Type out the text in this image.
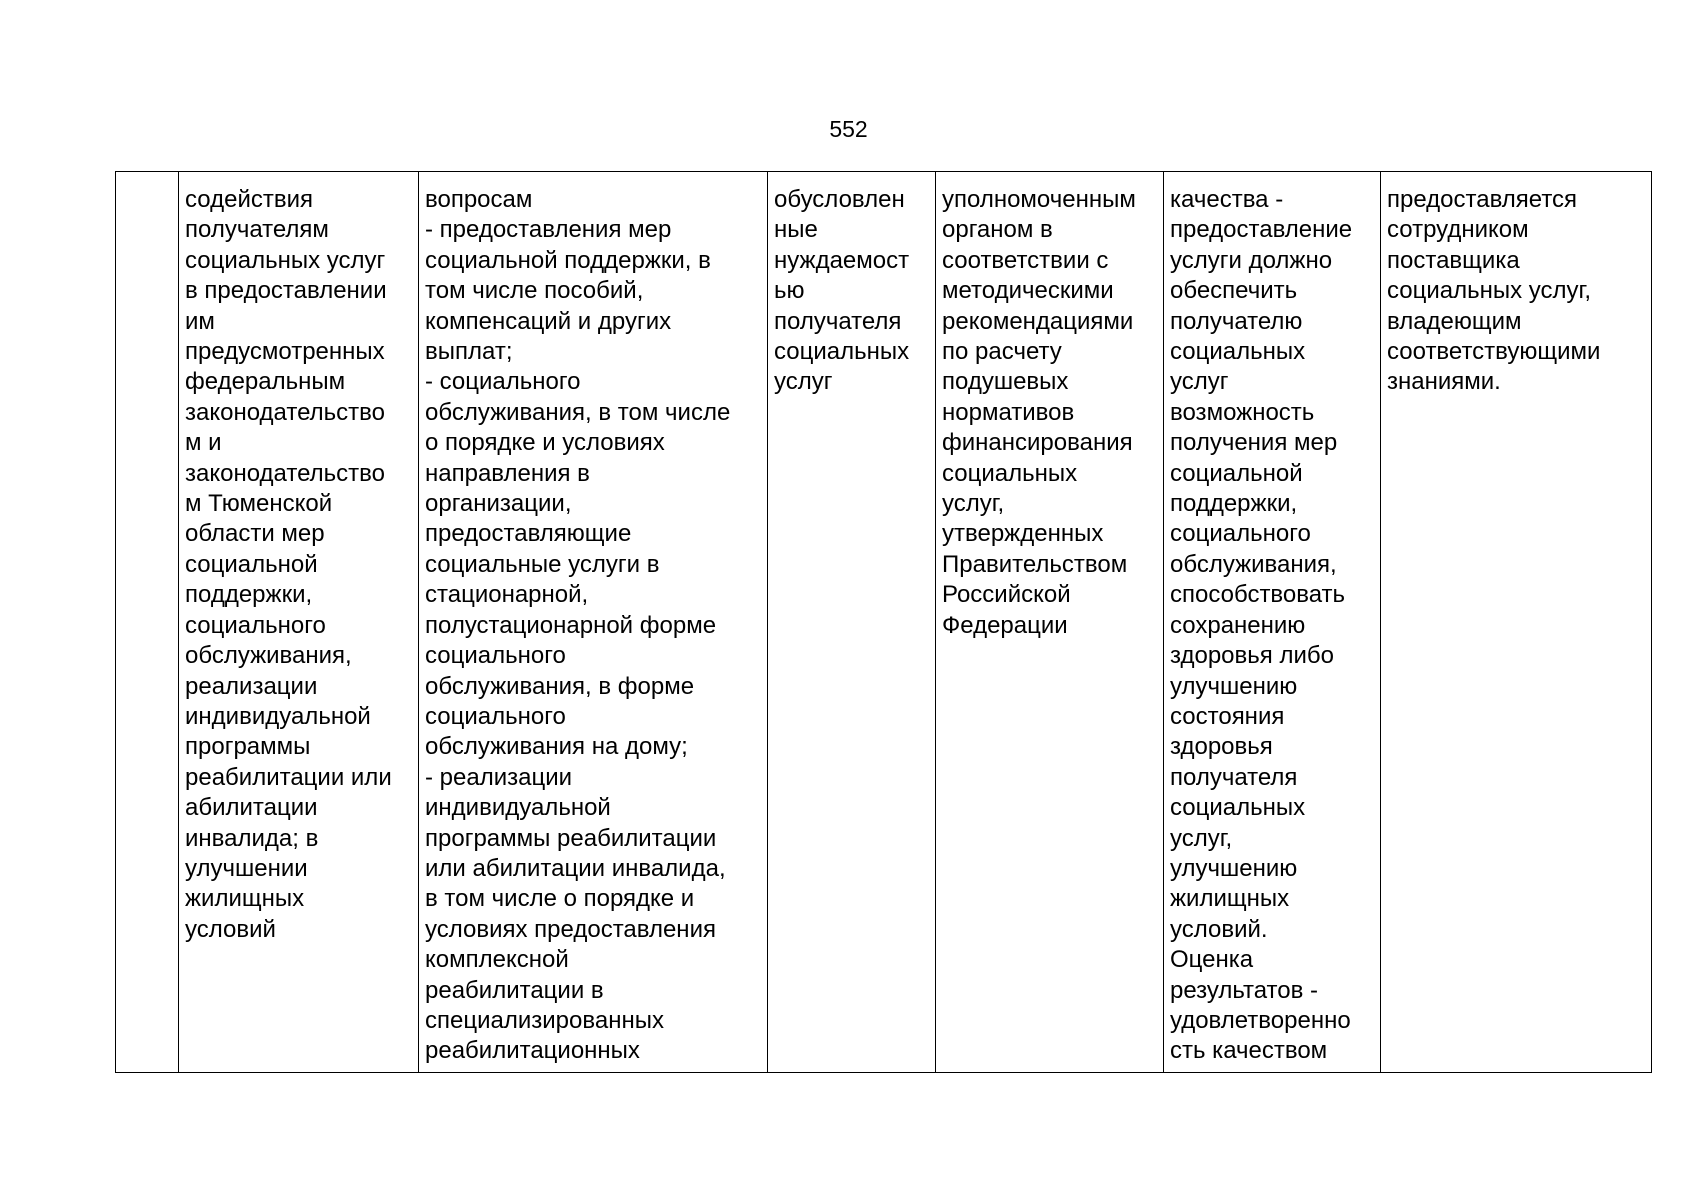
552
	содействия
получателям
социальных услуг
в предоставлении
им
предусмотренных
федеральным
законодательство
м и
законодательство
м Тюменской
области мер
социальной
поддержки,
социального
обслуживания,
реализации
индивидуальной
программы
реабилитации или
абилитации
инвалида; в
улучшении
жилищных
условий	вопросам
- предоставления мер
социальной поддержки, в
том числе пособий,
компенсаций и других
выплат;
- социального
обслуживания, в том числе
о порядке и условиях
направления в
организации,
предоставляющие
социальные услуги в
стационарной,
полустационарной форме
социального
обслуживания, в форме
социального
обслуживания на дому;
- реализации
индивидуальной
программы реабилитации
или абилитации инвалида,
в том числе о порядке и
условиях предоставления
комплексной
реабилитации в
специализированных
реабилитационных	обусловлен
ные
нуждаемост
ью
получателя
социальных
услуг	уполномоченным
органом в
соответствии с
методическими
рекомендациями
по расчету
подушевых
нормативов
финансирования
социальных
услуг,
утвержденных
Правительством
Российской
Федерации	качества -
предоставление
услуги должно
обеспечить
получателю
социальных
услуг
возможность
получения мер
социальной
поддержки,
социального
обслуживания,
способствовать
сохранению
здоровья либо
улучшению
состояния
здоровья
получателя
социальных
услуг,
улучшению
жилищных
условий.
Оценка
результатов -
удовлетворенно
сть качеством	предоставляется
сотрудником
поставщика
социальных услуг,
владеющим
соответствующими
знаниями.
